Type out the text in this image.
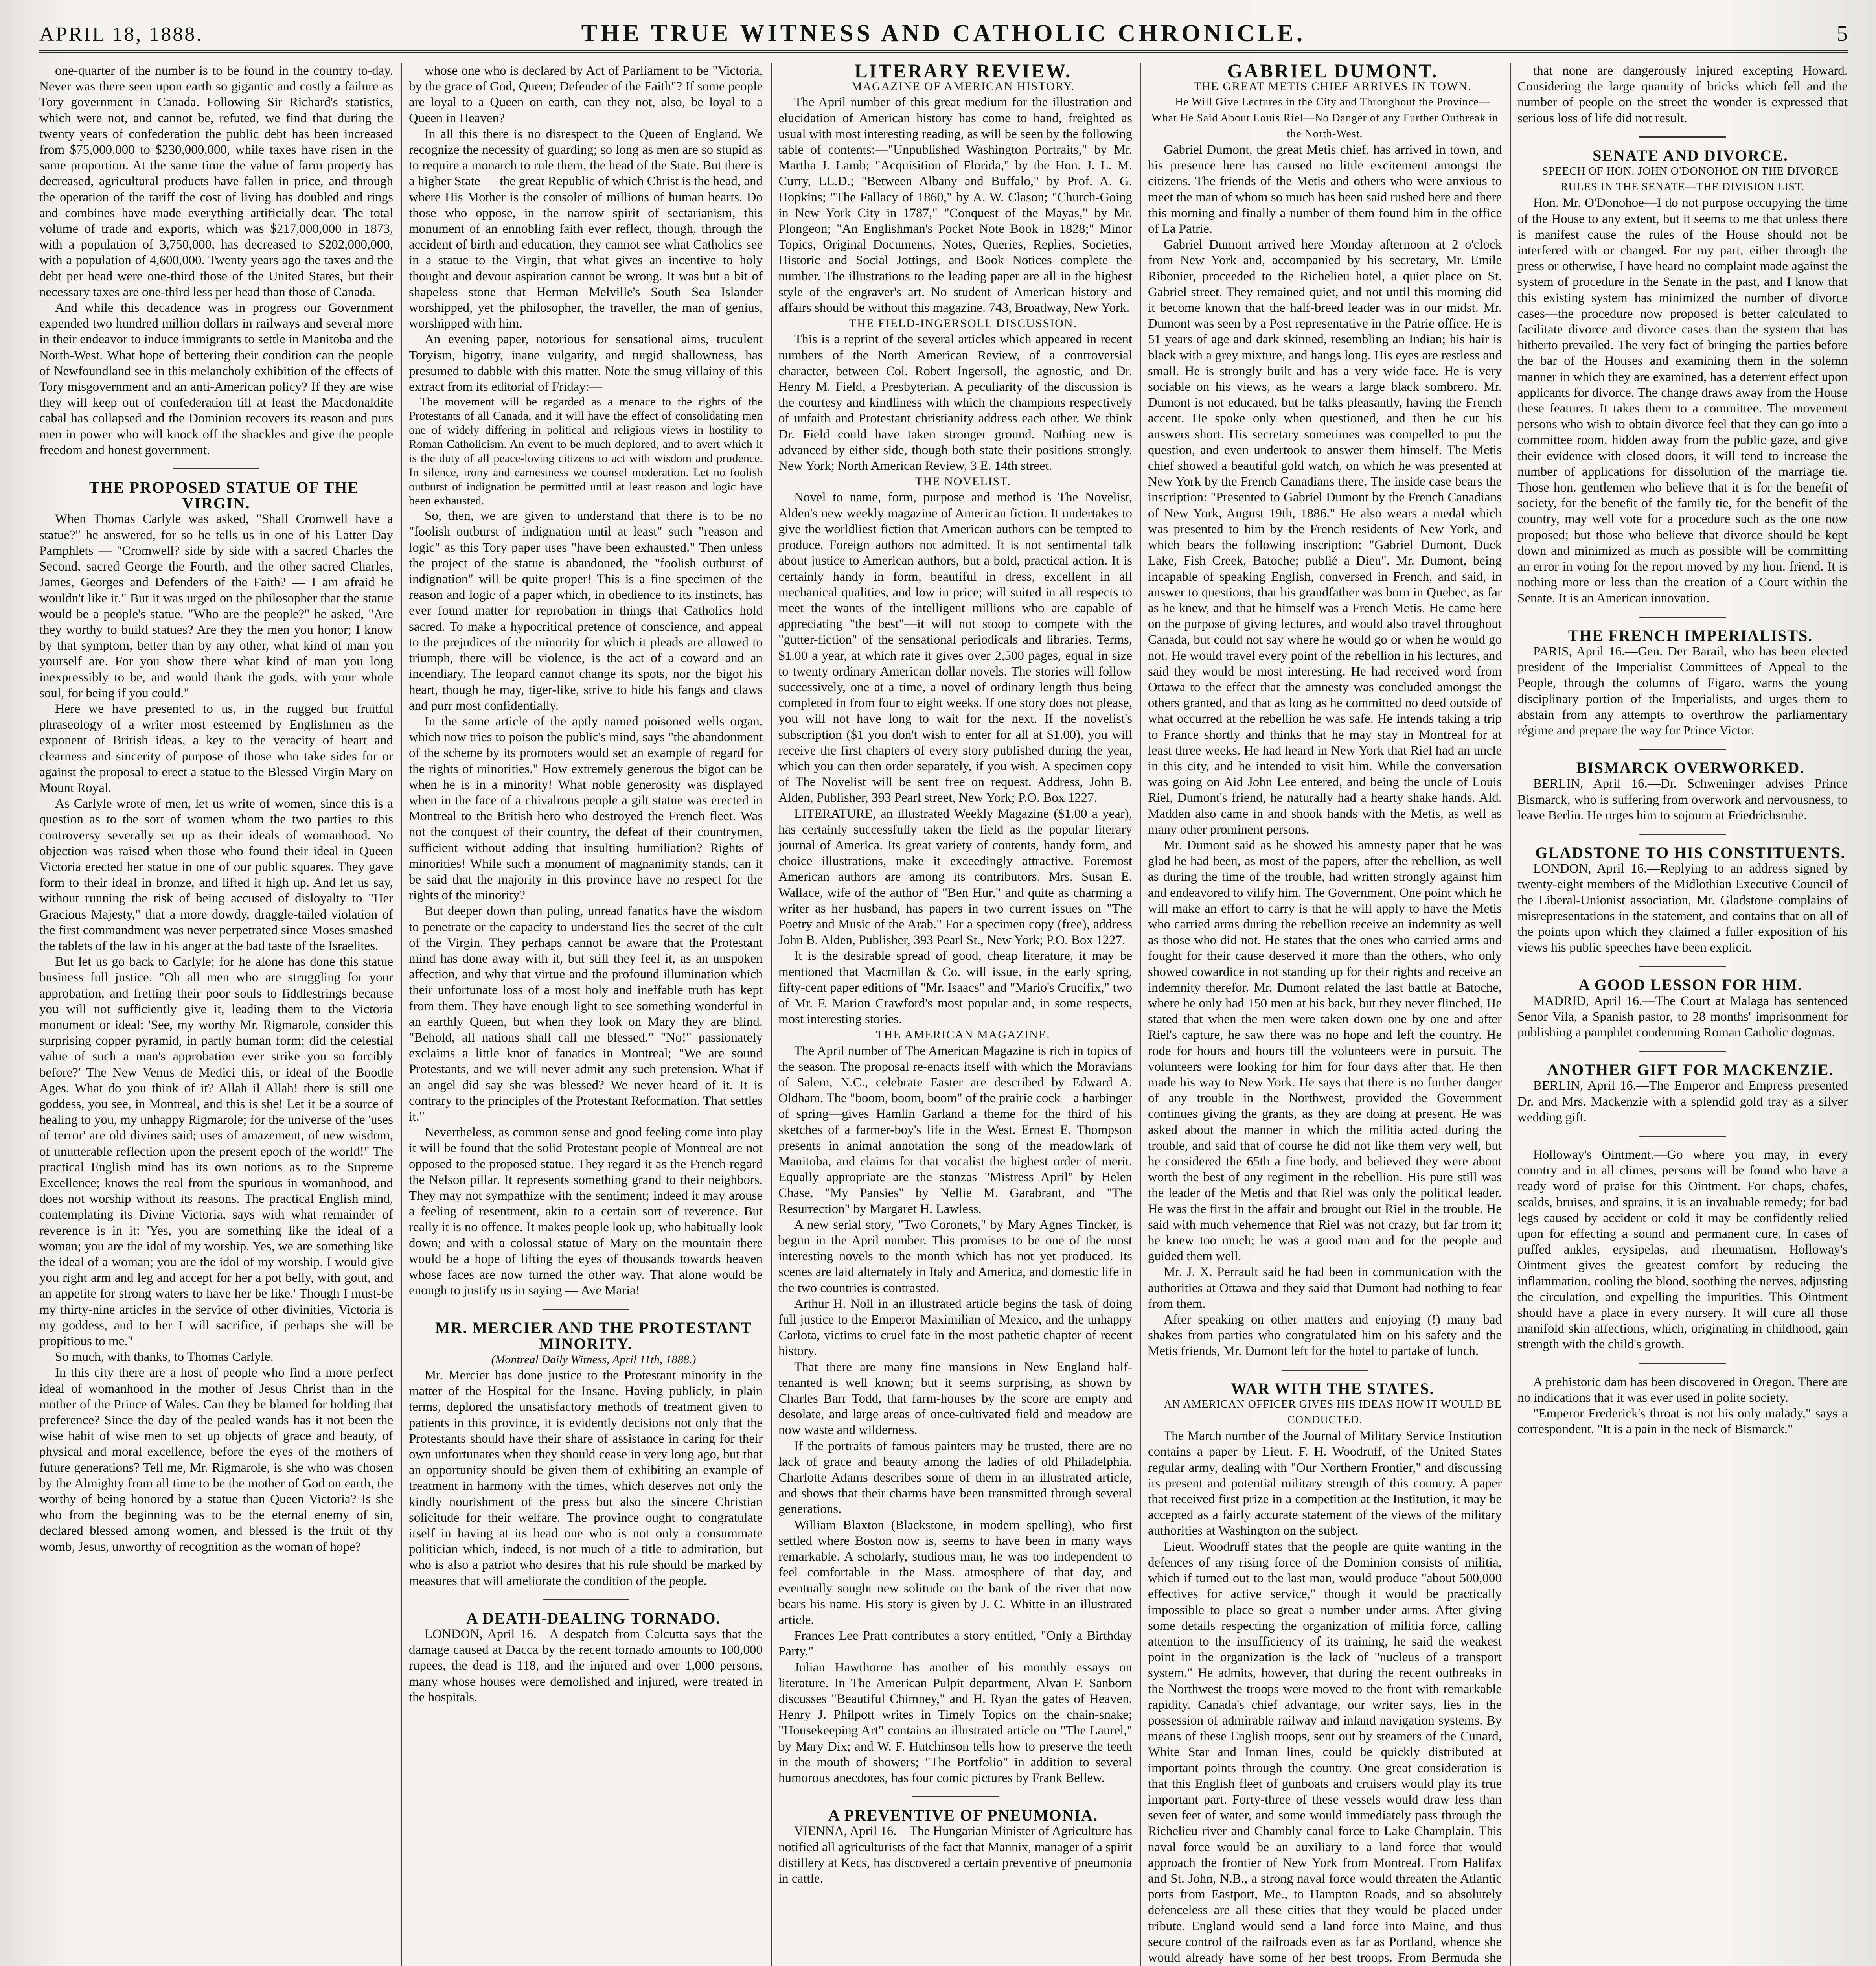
APRIL 18, 1888.	THE TRUE WITNESS AND CATHOLIC CHRONICLE.	5

one-quarter of the number is to be found in the country to-day. Never was there seen upon earth so gigantic and costly a failure as Tory government in Canada. Following Sir Richard's statistics, which were not, and cannot be, refuted, we find that during the twenty years of confederation the public debt has been increased from $75,000,000 to $230,000,000, while taxes have risen in the same proportion. At the same time the value of farm property has decreased, agricultural products have fallen in price, and through the operation of the tariff the cost of living has doubled and rings and combines have made everything artificially dear. The total volume of trade and exports, which was $217,000,000 in 1873, with a population of 3,750,000, has decreased to $202,000,000, with a population of 4,600,000. Twenty years ago the taxes and the debt per head were one-third those of the United States, but their necessary taxes are one-third less per head than those of Canada.

And while this decadence was in progress our Government expended two hundred million dollars in railways and several more in their endeavor to induce immigrants to settle in Manitoba and the North-West. What hope of bettering their condition can the people of Newfoundland see in this melancholy exhibition of the effects of Tory misgovernment and an anti-American policy? If they are wise they will keep out of confederation till at least the Macdonaldite cabal has collapsed and the Dominion recovers its reason and puts men in power who will knock off the shackles and give the people freedom and honest government.

THE PROPOSED STATUE OF THE VIRGIN.

When Thomas Carlyle was asked, "Shall Cromwell have a statue?" he answered, for so he tells us in one of his Latter Day Pamphlets — "Cromwell? side by side with a sacred Charles the Second, sacred George the Fourth, and the other sacred Charles, James, Georges and Defenders of the Faith? — I am afraid he wouldn't like it." But it was urged on the philosopher that the statue would be a people's statue. "Who are the people?" he asked, "Are they worthy to build statues? Are they the men you honor; I know by that symptom, better than by any other, what kind of man you yourself are. For you show there what kind of man you long inexpressibly to be, and would thank the gods, with your whole soul, for being if you could."

Here we have presented to us, in the rugged but fruitful phraseology of a writer most esteemed by Englishmen as the exponent of British ideas, a key to the veracity of heart and clearness and sincerity of purpose of those who take sides for or against the proposal to erect a statue to the Blessed Virgin Mary on Mount Royal.

As Carlyle wrote of men, let us write of women, since this is a question as to the sort of women whom the two parties to this controversy severally set up as their ideals of womanhood. No objection was raised when those who found their ideal in Queen Victoria erected her statue in one of our public squares. They gave form to their ideal in bronze, and lifted it high up. And let us say, without running the risk of being accused of disloyalty to "Her Gracious Majesty," that a more dowdy, draggle-tailed violation of the first commandment was never perpetrated since Moses smashed the tablets of the law in his anger at the bad taste of the Israelites.

But let us go back to Carlyle; for he alone has done this statue business full justice. "Oh all men who are struggling for your approbation, and fretting their poor souls to fiddlestrings because you will not sufficiently give it, leading them to the Victoria monument or ideal: 'See, my worthy Mr. Rigmarole, consider this surprising copper pyramid, in partly human form; did the celestial value of such a man's approbation ever strike you so forcibly before?' The New Venus de Medici this, or ideal of the Boodle Ages. What do you think of it? Allah il Allah! there is still one goddess, you see, in Montreal, and this is she! Let it be a source of healing to you, my unhappy Rigmarole; for the universe of the 'uses of terror' are old divines said; uses of amazement, of new wisdom, of unutterable reflection upon the present epoch of the world!" The practical English mind has its own notions as to the Supreme Excellence; knows the real from the spurious in womanhood, and does not worship without its reasons. The practical English mind, contemplating its Divine Victoria, says with what remainder of reverence is in it: 'Yes, you are something like the ideal of a woman; you are the idol of my worship. Yes, we are something like the ideal of a woman; you are the idol of my worship. I would give you right arm and leg and accept for her a pot belly, with gout, and an appetite for strong waters to have her be like.' Though I must-be my thirty-nine articles in the service of other divinities, Victoria is my goddess, and to her I will sacrifice, if perhaps she will be propitious to me."

So much, with thanks, to Thomas Carlyle.

In this city there are a host of people who find a more perfect ideal of womanhood in the mother of Jesus Christ than in the mother of the Prince of Wales. Can they be blamed for holding that preference? Since the day of the pealed wands has it not been the wise habit of wise men to set up objects of grace and beauty, of physical and moral excellence, before the eyes of the mothers of future generations? Tell me, Mr. Rigmarole, is she who was chosen by the Almighty from all time to be the mother of God on earth, the worthy of being honored by a statue than Queen Victoria? Is she who from the beginning was to be the eternal enemy of sin, declared blessed among women, and blessed is the fruit of thy womb, Jesus, unworthy of recognition as the woman of hope?

whose one who is declared by Act of Parliament to be "Victoria, by the grace of God, Queen; Defender of the Faith"? If some people are loyal to a Queen on earth, can they not, also, be loyal to a Queen in Heaven?

In all this there is no disrespect to the Queen of England. We recognize the necessity of guarding; so long as men are so stupid as to require a monarch to rule them, the head of the State. But there is a higher State — the great Republic of which Christ is the head, and where His Mother is the consoler of millions of human hearts. Do those who oppose, in the narrow spirit of sectarianism, this monument of an ennobling faith ever reflect, though, through the accident of birth and education, they cannot see what Catholics see in a statue to the Virgin, that what gives an incentive to holy thought and devout aspiration cannot be wrong. It was but a bit of shapeless stone that Herman Melville's South Sea Islander worshipped, yet the philosopher, the traveller, the man of genius, worshipped with him.

An evening paper, notorious for sensational aims, truculent Toryism, bigotry, inane vulgarity, and turgid shallowness, has presumed to dabble with this matter. Note the smug villainy of this extract from its editorial of Friday:—

The movement will be regarded as a menace to the rights of the Protestants of all Canada, and it will have the effect of consolidating men one of widely differing in political and religious views in hostility to Roman Catholicism. An event to be much deplored, and to avert which it is the duty of all peace-loving citizens to act with wisdom and prudence. In silence, irony and earnestness we counsel moderation. Let no foolish outburst of indignation be permitted until at least reason and logic have been exhausted.

So, then, we are given to understand that there is to be no "foolish outburst of indignation until at least" such "reason and logic" as this Tory paper uses "have been exhausted." Then unless the project of the statue is abandoned, the "foolish outburst of indignation" will be quite proper! This is a fine specimen of the reason and logic of a paper which, in obedience to its instincts, has ever found matter for reprobation in things that Catholics hold sacred. To make a hypocritical pretence of conscience, and appeal to the prejudices of the minority for which it pleads are allowed to triumph, there will be violence, is the act of a coward and an incendiary. The leopard cannot change its spots, nor the bigot his heart, though he may, tiger-like, strive to hide his fangs and claws and purr most confidentially.

In the same article of the aptly named poisoned wells organ, which now tries to poison the public's mind, says "the abandonment of the scheme by its promoters would set an example of regard for the rights of minorities." How extremely generous the bigot can be when he is in a minority! What noble generosity was displayed when in the face of a chivalrous people a gilt statue was erected in Montreal to the British hero who destroyed the French fleet. Was not the conquest of their country, the defeat of their countrymen, sufficient without adding that insulting humiliation? Rights of minorities! While such a monument of magnanimity stands, can it be said that the majority in this province have no respect for the rights of the minority?

But deeper down than puling, unread fanatics have the wisdom to penetrate or the capacity to understand lies the secret of the cult of the Virgin. They perhaps cannot be aware that the Protestant mind has done away with it, but still they feel it, as an unspoken affection, and why that virtue and the profound illumination which their unfortunate loss of a most holy and ineffable truth has kept from them. They have enough light to see something wonderful in an earthly Queen, but when they look on Mary they are blind. "Behold, all nations shall call me blessed." "No!" passionately exclaims a little knot of fanatics in Montreal; "We are sound Protestants, and we will never admit any such pretension. What if an angel did say she was blessed? We never heard of it. It is contrary to the principles of the Protestant Reformation. That settles it."

Nevertheless, as common sense and good feeling come into play it will be found that the solid Protestant people of Montreal are not opposed to the proposed statue. They regard it as the French regard the Nelson pillar. It represents something grand to their neighbors. They may not sympathize with the sentiment; indeed it may arouse a feeling of resentment, akin to a certain sort of reverence. But really it is no offence. It makes people look up, who habitually look down; and with a colossal statue of Mary on the mountain there would be a hope of lifting the eyes of thousands towards heaven whose faces are now turned the other way. That alone would be enough to justify us in saying — Ave Maria!

MR. MERCIER AND THE PROTESTANT MINORITY.

(Montreal Daily Witness, April 11th, 1888.)

Mr. Mercier has done justice to the Protestant minority in the matter of the Hospital for the Insane. Having publicly, in plain terms, deplored the unsatisfactory methods of treatment given to patients in this province, it is evidently decisions not only that the Protestants should have their share of assistance in caring for their own unfortunates when they should cease in very long ago, but that an opportunity should be given them of exhibiting an example of treatment in harmony with the times, which deserves not only the kindly nourishment of the press but also the sincere Christian solicitude for their welfare. The province ought to congratulate itself in having at its head one who is not only a consummate politician which, indeed, is not much of a title to admiration, but who is also a patriot who desires that his rule should be marked by measures that will ameliorate the condition of the people.

A DEATH-DEALING TORNADO.

LONDON, April 16.—A despatch from Calcutta says that the damage caused at Dacca by the recent tornado amounts to 100,000 rupees, the dead is 118, and the injured and over 1,000 persons, many whose houses were demolished and injured, were treated in the hospitals.

LITERARY REVIEW.

MAGAZINE OF AMERICAN HISTORY.

The April number of this great medium for the illustration and elucidation of American history has come to hand, freighted as usual with most interesting reading, as will be seen by the following table of contents:—"Unpublished Washington Portraits," by Mr. Martha J. Lamb; "Acquisition of Florida," by the Hon. J. L. M. Curry, LL.D.; "Between Albany and Buffalo," by Prof. A. G. Hopkins; "The Fallacy of 1860," by A. W. Clason; "Church-Going in New York City in 1787," "Conquest of the Mayas," by Mr. Plongeon; "An Englishman's Pocket Note Book in 1828;" Minor Topics, Original Documents, Notes, Queries, Replies, Societies, Historic and Social Jottings, and Book Notices complete the number. The illustrations to the leading paper are all in the highest style of the engraver's art. No student of American history and affairs should be without this magazine. 743, Broadway, New York.

THE FIELD-INGERSOLL DISCUSSION.

This is a reprint of the several articles which appeared in recent numbers of the North American Review, of a controversial character, between Col. Robert Ingersoll, the agnostic, and Dr. Henry M. Field, a Presbyterian. A peculiarity of the discussion is the courtesy and kindliness with which the champions respectively of unfaith and Protestant christianity address each other. We think Dr. Field could have taken stronger ground. Nothing new is advanced by either side, though both state their positions strongly. New York; North American Review, 3 E. 14th street.

THE NOVELIST.

Novel to name, form, purpose and method is The Novelist, Alden's new weekly magazine of American fiction. It undertakes to give the worldliest fiction that American authors can be tempted to produce. Foreign authors not admitted. It is not sentimental talk about justice to American authors, but a bold, practical action. It is certainly handy in form, beautiful in dress, excellent in all mechanical qualities, and low in price; will suited in all respects to meet the wants of the intelligent millions who are capable of appreciating "the best"—it will not stoop to compete with the "gutter-fiction" of the sensational periodicals and libraries. Terms, $1.00 a year, at which rate it gives over 2,500 pages, equal in size to twenty ordinary American dollar novels. The stories will follow successively, one at a time, a novel of ordinary length thus being completed in from four to eight weeks. If one story does not please, you will not have long to wait for the next. If the novelist's subscription ($1 you don't wish to enter for all at $1.00), you will receive the first chapters of every story published during the year, which you can then order separately, if you wish. A specimen copy of The Novelist will be sent free on request. Address, John B. Alden, Publisher, 393 Pearl street, New York; P.O. Box 1227.

LITERATURE, an illustrated Weekly Magazine ($1.00 a year), has certainly successfully taken the field as the popular literary journal of America. Its great variety of contents, handy form, and choice illustrations, make it exceedingly attractive. Foremost American authors are among its contributors. Mrs. Susan E. Wallace, wife of the author of "Ben Hur," and quite as charming a writer as her husband, has papers in two current issues on "The Poetry and Music of the Arab." For a specimen copy (free), address John B. Alden, Publisher, 393 Pearl St., New York; P.O. Box 1227.

It is the desirable spread of good, cheap literature, it may be mentioned that Macmillan & Co. will issue, in the early spring, fifty-cent paper editions of "Mr. Isaacs" and "Mario's Crucifix," two of Mr. F. Marion Crawford's most popular and, in some respects, most interesting stories.

THE AMERICAN MAGAZINE.

The April number of The American Magazine is rich in topics of the season. The proposal re-enacts itself with which the Moravians of Salem, N.C., celebrate Easter are described by Edward A. Oldham. The "boom, boom, boom" of the prairie cock—a harbinger of spring—gives Hamlin Garland a theme for the third of his sketches of a farmer-boy's life in the West. Ernest E. Thompson presents in animal annotation the song of the meadowlark of Manitoba, and claims for that vocalist the highest order of merit. Equally appropriate are the stanzas "Mistress April" by Helen Chase, "My Pansies" by Nellie M. Garabrant, and "The Resurrection" by Margaret H. Lawless.

A new serial story, "Two Coronets," by Mary Agnes Tincker, is begun in the April number. This promises to be one of the most interesting novels to the month which has not yet produced. Its scenes are laid alternately in Italy and America, and domestic life in the two countries is contrasted.

Arthur H. Noll in an illustrated article begins the task of doing full justice to the Emperor Maximilian of Mexico, and the unhappy Carlota, victims to cruel fate in the most pathetic chapter of recent history.

That there are many fine mansions in New England half-tenanted is well known; but it seems surprising, as shown by Charles Barr Todd, that farm-houses by the score are empty and desolate, and large areas of once-cultivated field and meadow are now waste and wilderness.

If the portraits of famous painters may be trusted, there are no lack of grace and beauty among the ladies of old Philadelphia. Charlotte Adams describes some of them in an illustrated article, and shows that their charms have been transmitted through several generations.

William Blaxton (Blackstone, in modern spelling), who first settled where Boston now is, seems to have been in many ways remarkable. A scholarly, studious man, he was too independent to feel comfortable in the Mass. atmosphere of that day, and eventually sought new solitude on the bank of the river that now bears his name. His story is given by J. C. Whitte in an illustrated article.

Frances Lee Pratt contributes a story entitled, "Only a Birthday Party."

Julian Hawthorne has another of his monthly essays on literature. In The American Pulpit department, Alvan F. Sanborn discusses "Beautiful Chimney," and H. Ryan the gates of Heaven. Henry J. Philpott writes in Timely Topics on the chain-snake; "Housekeeping Art" contains an illustrated article on "The Laurel," by Mary Dix; and W. F. Hutchinson tells how to preserve the teeth in the mouth of showers; "The Portfolio" in addition to several humorous anecdotes, has four comic pictures by Frank Bellew.

A PREVENTIVE OF PNEUMONIA.

VIENNA, April 16.—The Hungarian Minister of Agriculture has notified all agriculturists of the fact that Mannix, manager of a spirit distillery at Kecs, has discovered a certain preventive of pneumonia in cattle.

GABRIEL DUMONT.

THE GREAT METIS CHIEF ARRIVES IN TOWN.

He Will Give Lectures in the City and Throughout the Province—What He Said About Louis Riel—No Danger of any Further Outbreak in the North-West.

Gabriel Dumont, the great Metis chief, has arrived in town, and his presence here has caused no little excitement amongst the citizens. The friends of the Metis and others who were anxious to meet the man of whom so much has been said rushed here and there this morning and finally a number of them found him in the office of La Patrie.

Gabriel Dumont arrived here Monday afternoon at 2 o'clock from New York and, accompanied by his secretary, Mr. Emile Ribonier, proceeded to the Richelieu hotel, a quiet place on St. Gabriel street. They remained quiet, and not until this morning did it become known that the half-breed leader was in our midst. Mr. Dumont was seen by a Post representative in the Patrie office. He is 51 years of age and dark skinned, resembling an Indian; his hair is black with a grey mixture, and hangs long. His eyes are restless and small. He is strongly built and has a very wide face. He is very sociable on his views, as he wears a large black sombrero. Mr. Dumont is not educated, but he talks pleasantly, having the French accent. He spoke only when questioned, and then he cut his answers short. His secretary sometimes was compelled to put the question, and even undertook to answer them himself. The Metis chief showed a beautiful gold watch, on which he was presented at New York by the French Canadians there. The inside case bears the inscription: "Presented to Gabriel Dumont by the French Canadians of New York, August 19th, 1886." He also wears a medal which was presented to him by the French residents of New York, and which bears the following inscription: "Gabriel Dumont, Duck Lake, Fish Creek, Batoche; publié a Dieu". Mr. Dumont, being incapable of speaking English, conversed in French, and said, in answer to questions, that his grandfather was born in Quebec, as far as he knew, and that he himself was a French Metis. He came here on the purpose of giving lectures, and would also travel throughout Canada, but could not say where he would go or when he would go not. He would travel every point of the rebellion in his lectures, and said they would be most interesting. He had received word from Ottawa to the effect that the amnesty was concluded amongst the others granted, and that as long as he committed no deed outside of what occurred at the rebellion he was safe. He intends taking a trip to France shortly and thinks that he may stay in Montreal for at least three weeks. He had heard in New York that Riel had an uncle in this city, and he intended to visit him. While the conversation was going on Aid John Lee entered, and being the uncle of Louis Riel, Dumont's friend, he naturally had a hearty shake hands. Ald. Madden also came in and shook hands with the Metis, as well as many other prominent persons.

Mr. Dumont said as he showed his amnesty paper that he was glad he had been, as most of the papers, after the rebellion, as well as during the time of the trouble, had written strongly against him and endeavored to vilify him. The Government. One point which he will make an effort to carry is that he will apply to have the Metis who carried arms during the rebellion receive an indemnity as well as those who did not. He states that the ones who carried arms and fought for their cause deserved it more than the others, who only showed cowardice in not standing up for their rights and receive an indemnity therefor. Mr. Dumont related the last battle at Batoche, where he only had 150 men at his back, but they never flinched. He stated that when the men were taken down one by one and after Riel's capture, he saw there was no hope and left the country. He rode for hours and hours till the volunteers were in pursuit. The volunteers were looking for him for four days after that. He then made his way to New York. He says that there is no further danger of any trouble in the Northwest, provided the Government continues giving the grants, as they are doing at present. He was asked about the manner in which the militia acted during the trouble, and said that of course he did not like them very well, but he considered the 65th a fine body, and believed they were about worth the best of any regiment in the rebellion. His pure still was the leader of the Metis and that Riel was only the political leader. He was the first in the affair and brought out Riel in the trouble. He said with much vehemence that Riel was not crazy, but far from it; he knew too much; he was a good man and for the people and guided them well.

Mr. J. X. Perrault said he had been in communication with the authorities at Ottawa and they said that Dumont had nothing to fear from them.

After speaking on other matters and enjoying (!) many bad shakes from parties who congratulated him on his safety and the Metis friends, Mr. Dumont left for the hotel to partake of lunch.

WAR WITH THE STATES.

AN AMERICAN OFFICER GIVES HIS IDEAS HOW IT WOULD BE CONDUCTED.

The March number of the Journal of Military Service Institution contains a paper by Lieut. F. H. Woodruff, of the United States regular army, dealing with "Our Northern Frontier," and discussing its present and potential military strength of this country. A paper that received first prize in a competition at the Institution, it may be accepted as a fairly accurate statement of the views of the military authorities at Washington on the subject.

Lieut. Woodruff states that the people are quite wanting in the defences of any rising force of the Dominion consists of militia, which if turned out to the last man, would produce "about 500,000 effectives for active service," though it would be practically impossible to place so great a number under arms. After giving some details respecting the organization of militia force, calling attention to the insufficiency of its training, he said the weakest point in the organization is the lack of "nucleus of a transport system." He admits, however, that during the recent outbreaks in the Northwest the troops were moved to the front with remarkable rapidity. Canada's chief advantage, our writer says, lies in the possession of admirable railway and inland navigation systems. By means of these English troops, sent out by steamers of the Cunard, White Star and Inman lines, could be quickly distributed at important points through the country. One great consideration is that this English fleet of gunboats and cruisers would play its true important part. Forty-three of these vessels would draw less than seven feet of water, and some would immediately pass through the Richelieu river and Chambly canal force to Lake Champlain. This naval force would be an auxiliary to a land force that would approach the frontier of New York from Montreal. From Halifax and St. John, N.B., a strong naval force would threaten the Atlantic ports from Eastport, Me., to Hampton Roads, and so absolutely defenceless are all these cities that they would be placed under tribute. England would send a land force into Maine, and thus secure control of the railroads even as far as Portland, whence she would already have some of her best troops. From Bermuda she

that none are dangerously injured excepting Howard. Considering the large quantity of bricks which fell and the number of people on the street the wonder is expressed that serious loss of life did not result.

SENATE AND DIVORCE.

SPEECH OF HON. JOHN O'DONOHOE ON THE DIVORCE RULES IN THE SENATE—THE DIVISION LIST.

Hon. Mr. O'Donohoe—I do not purpose occupying the time of the House to any extent, but it seems to me that unless there is manifest cause the rules of the House should not be interfered with or changed. For my part, either through the press or otherwise, I have heard no complaint made against the system of procedure in the Senate in the past, and I know that this existing system has minimized the number of divorce cases—the procedure now proposed is better calculated to facilitate divorce and divorce cases than the system that has hitherto prevailed. The very fact of bringing the parties before the bar of the Houses and examining them in the solemn manner in which they are examined, has a deterrent effect upon applicants for divorce. The change draws away from the House these features. It takes them to a committee. The movement persons who wish to obtain divorce feel that they can go into a committee room, hidden away from the public gaze, and give their evidence with closed doors, it will tend to increase the number of applications for dissolution of the marriage tie. Those hon. gentlemen who believe that it is for the benefit of society, for the benefit of the family tie, for the benefit of the country, may well vote for a procedure such as the one now proposed; but those who believe that divorce should be kept down and minimized as much as possible will be committing an error in voting for the report moved by my hon. friend. It is nothing more or less than the creation of a Court within the Senate. It is an American innovation.

THE FRENCH IMPERIALISTS.

PARIS, April 16.—Gen. Der Barail, who has been elected president of the Imperialist Committees of Appeal to the People, through the columns of Figaro, warns the young disciplinary portion of the Imperialists, and urges them to abstain from any attempts to overthrow the parliamentary régime and prepare the way for Prince Victor.

BISMARCK OVERWORKED.

BERLIN, April 16.—Dr. Schweninger advises Prince Bismarck, who is suffering from overwork and nervousness, to leave Berlin. He urges him to sojourn at Friedrichsruhe.

GLADSTONE TO HIS CONSTITUENTS.

LONDON, April 16.—Replying to an address signed by twenty-eight members of the Midlothian Executive Council of the Liberal-Unionist association, Mr. Gladstone complains of misrepresentations in the statement, and contains that on all of the points upon which they claimed a fuller exposition of his views his public speeches have been explicit.

A GOOD LESSON FOR HIM.

MADRID, April 16.—The Court at Malaga has sentenced Senor Vila, a Spanish pastor, to 28 months' imprisonment for publishing a pamphlet condemning Roman Catholic dogmas.

ANOTHER GIFT FOR MACKENZIE.

BERLIN, April 16.—The Emperor and Empress presented Dr. and Mrs. Mackenzie with a splendid gold tray as a silver wedding gift.

Holloway's Ointment.—Go where you may, in every country and in all climes, persons will be found who have a ready word of praise for this Ointment. For chaps, chafes, scalds, bruises, and sprains, it is an invaluable remedy; for bad legs caused by accident or cold it may be confidently relied upon for effecting a sound and permanent cure. In cases of puffed ankles, erysipelas, and rheumatism, Holloway's Ointment gives the greatest comfort by reducing the inflammation, cooling the blood, soothing the nerves, adjusting the circulation, and expelling the impurities. This Ointment should have a place in every nursery. It will cure all those manifold skin affections, which, originating in childhood, gain strength with the child's growth.

A prehistoric dam has been discovered in Oregon. There are no indications that it was ever used in polite society.

"Emperor Frederick's throat is not his only malady," says a correspondent. "It is a pain in the neck of Bismarck."
